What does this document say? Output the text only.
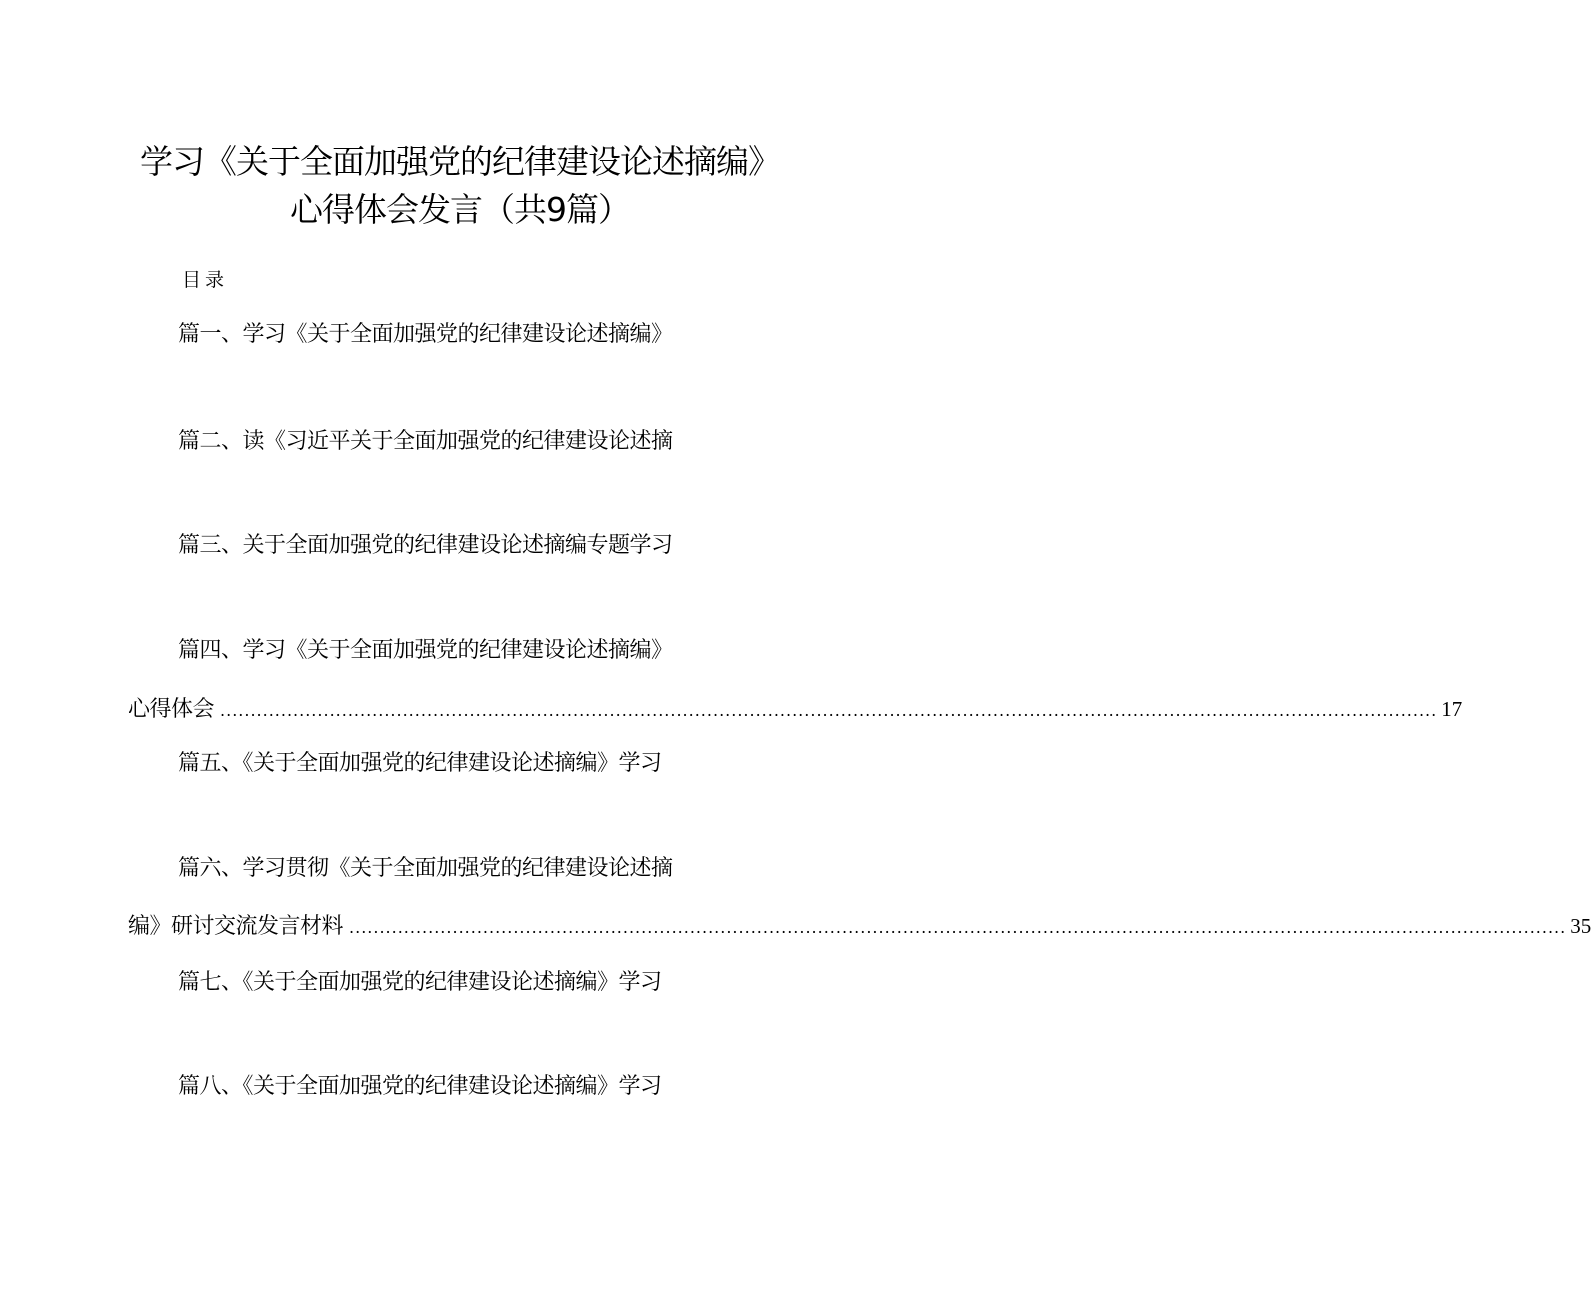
学习《关于全面加强党的纪律建设论述摘编》
心得体会发言（共9篇）
目录
篇一、学习《关于全面加强党的纪律建设论述摘编》
篇二、读《习近平关于全面加强党的纪律建设论述摘
篇三、关于全面加强党的纪律建设论述摘编专题学习
篇四、学习《关于全面加强党的纪律建设论述摘编》
心得体会 ........................................................................................................................................................................................................ 17
篇五、《关于全面加强党的纪律建设论述摘编》学习
篇六、学习贯彻《关于全面加强党的纪律建设论述摘
编》研讨交流发言材料 ........................................................................................................................................................................................................ 35
篇七、《关于全面加强党的纪律建设论述摘编》学习
篇八、《关于全面加强党的纪律建设论述摘编》学习
